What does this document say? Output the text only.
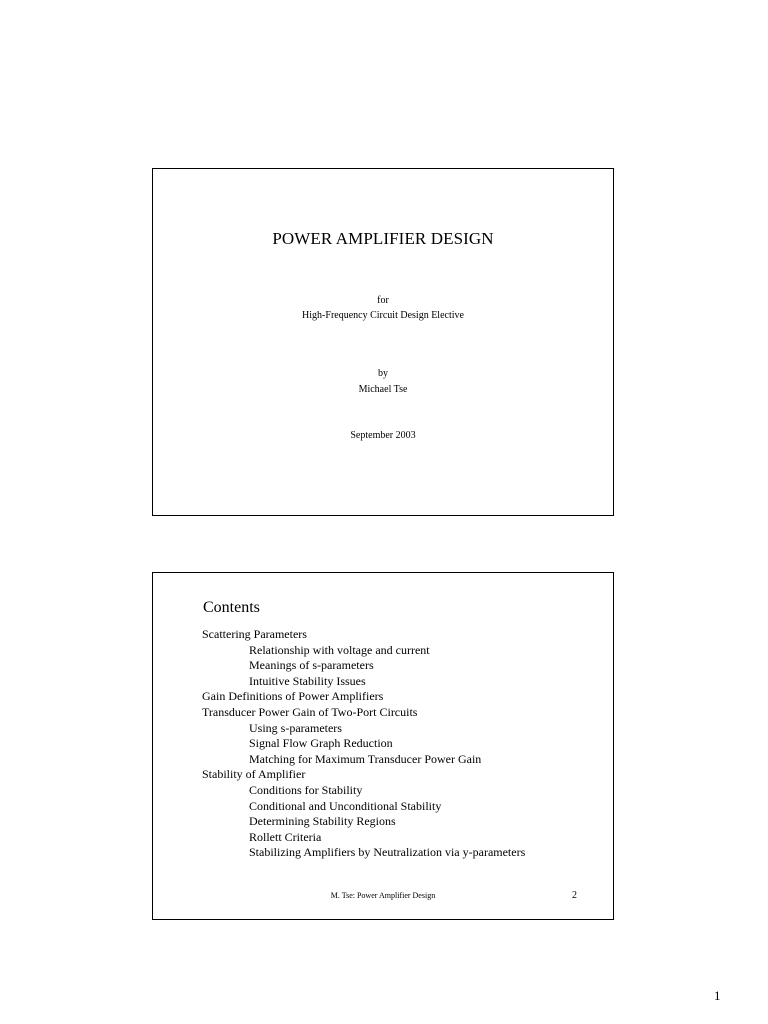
POWER AMPLIFIER DESIGN
for
High-Frequency Circuit Design Elective
by
Michael Tse
September 2003
Contents
Scattering Parameters
Relationship with voltage and current
Meanings of s-parameters
Intuitive Stability Issues
Gain Definitions of Power Amplifiers
Transducer Power Gain of Two-Port Circuits
Using s-parameters
Signal Flow Graph Reduction
Matching for Maximum Transducer Power Gain
Stability of Amplifier
Conditions for Stability
Conditional and Unconditional Stability
Determining Stability Regions
Rollett Criteria
Stabilizing Amplifiers by Neutralization via y-parameters
M. Tse: Power Amplifier Design	2
1
